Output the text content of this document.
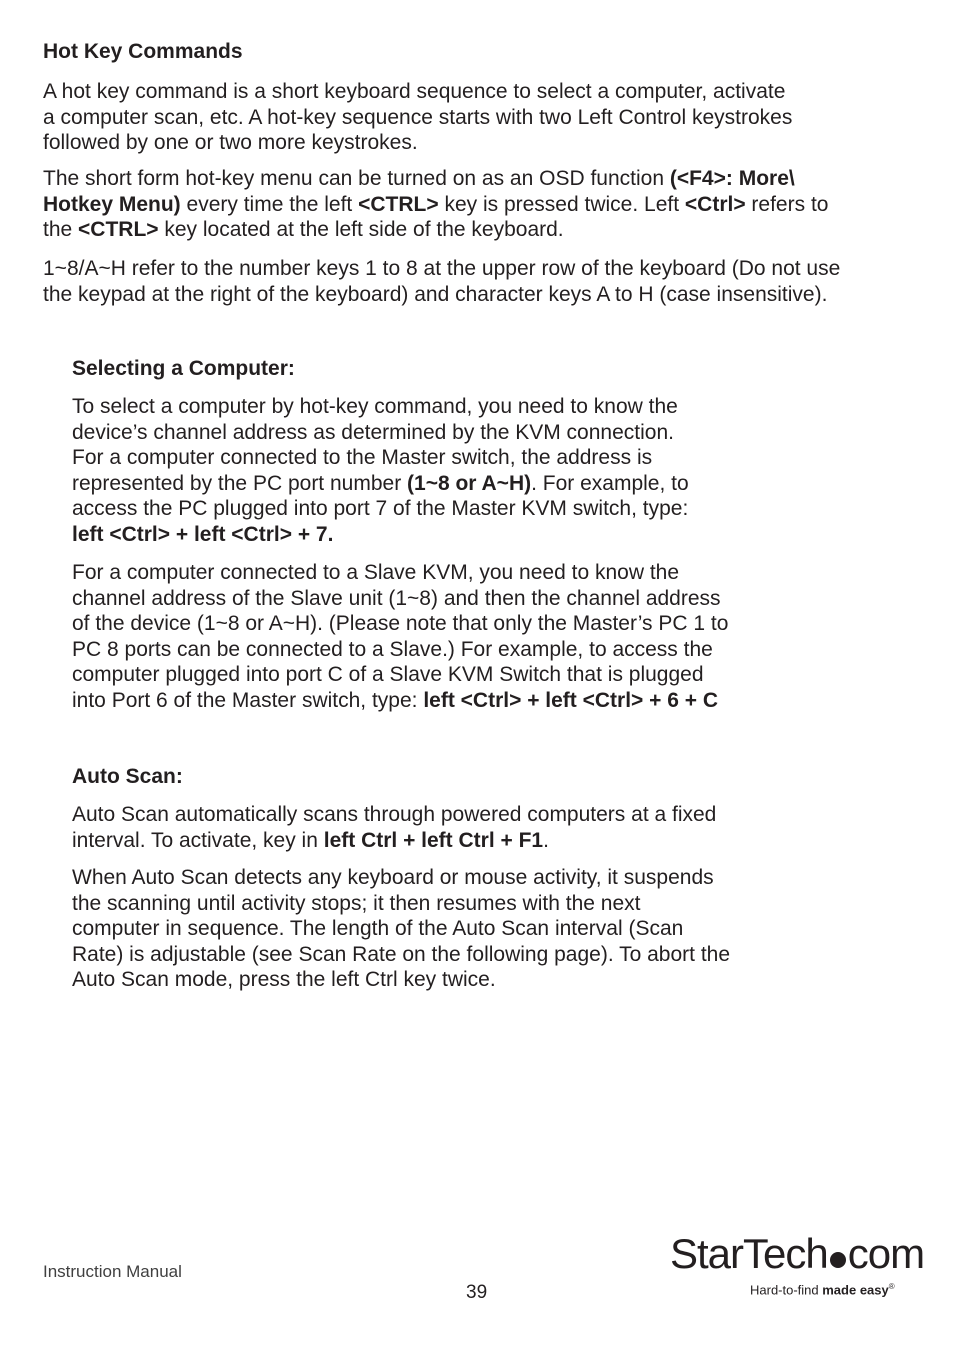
Hot Key Commands

A hot key command is a short keyboard sequence to select a computer, activate
a computer scan, etc. A hot-key sequence starts with two Left Control keystrokes
followed by one or two more keystrokes.

The short form hot-key menu can be turned on as an OSD function (<F4>: More\
Hotkey Menu) every time the left <CTRL> key is pressed twice. Left <Ctrl> refers to
the <CTRL> key located at the left side of the keyboard.

1~8/A~H refer to the number keys 1 to 8 at the upper row of the keyboard (Do not use
the keypad at the right of the keyboard) and character keys A to H (case insensitive).

Selecting a Computer:

To select a computer by hot-key command, you need to know the
device’s channel address as determined by the KVM connection.
For a computer connected to the Master switch, the address is
represented by the PC port number (1~8 or A~H). For example, to
access the PC plugged into port 7 of the Master KVM switch, type:
left <Ctrl> + left <Ctrl> + 7.

For a computer connected to a Slave KVM, you need to know the
channel address of the Slave unit (1~8) and then the channel address
of the device (1~8 or A~H). (Please note that only the Master’s PC 1 to
PC 8 ports can be connected to a Slave.) For example, to access the
computer plugged into port C of a Slave KVM Switch that is plugged
into Port 6 of the Master switch, type: left <Ctrl> + left <Ctrl> + 6 + C

Auto Scan:

Auto Scan automatically scans through powered computers at a fixed
interval. To activate, key in left Ctrl + left Ctrl + F1.

When Auto Scan detects any keyboard or mouse activity, it suspends
the scanning until activity stops; it then resumes with the next
computer in sequence. The length of the Auto Scan interval (Scan
Rate) is adjustable (see Scan Rate on the following page). To abort the
Auto Scan mode, press the left Ctrl key twice.

Instruction Manual
39
StarTech com
Hard-to-find made easy®
